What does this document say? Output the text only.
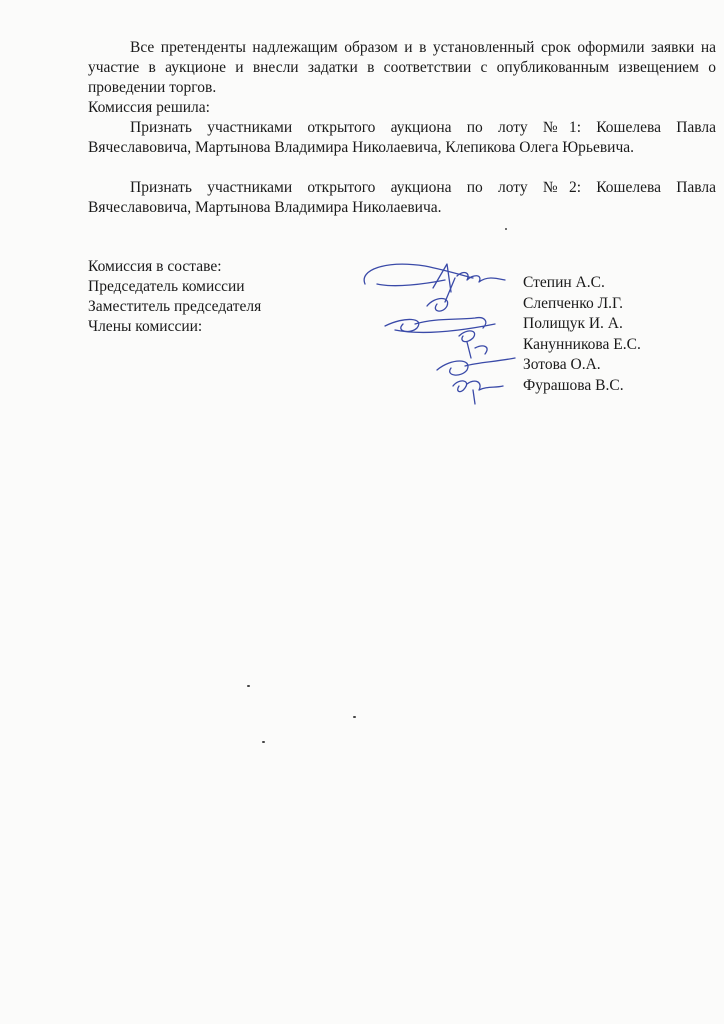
Все претенденты надлежащим образом и в установленный срок оформили заявки на участие в аукционе и внесли задатки в соответствии с опубликованным извещением о проведении торгов.

Комиссия решила:

Признать участниками открытого аукциона по лоту №1: Кошелева Павла Вячеславовича, Мартынова Владимира Николаевича, Клепикова Олега Юрьевича.

Признать участниками открытого аукциона по лоту №2: Кошелева Павла Вячеславовича, Мартынова Владимира Николаевича.

Комиссия в составе:
Председатель комиссии
Заместитель председателя
Члены комиссии:
Степин А.С.
Слепченко Л.Г.
Полищук И. А.
Канунникова Е.С.
Зотова О.А.
Фурашова В.С.
